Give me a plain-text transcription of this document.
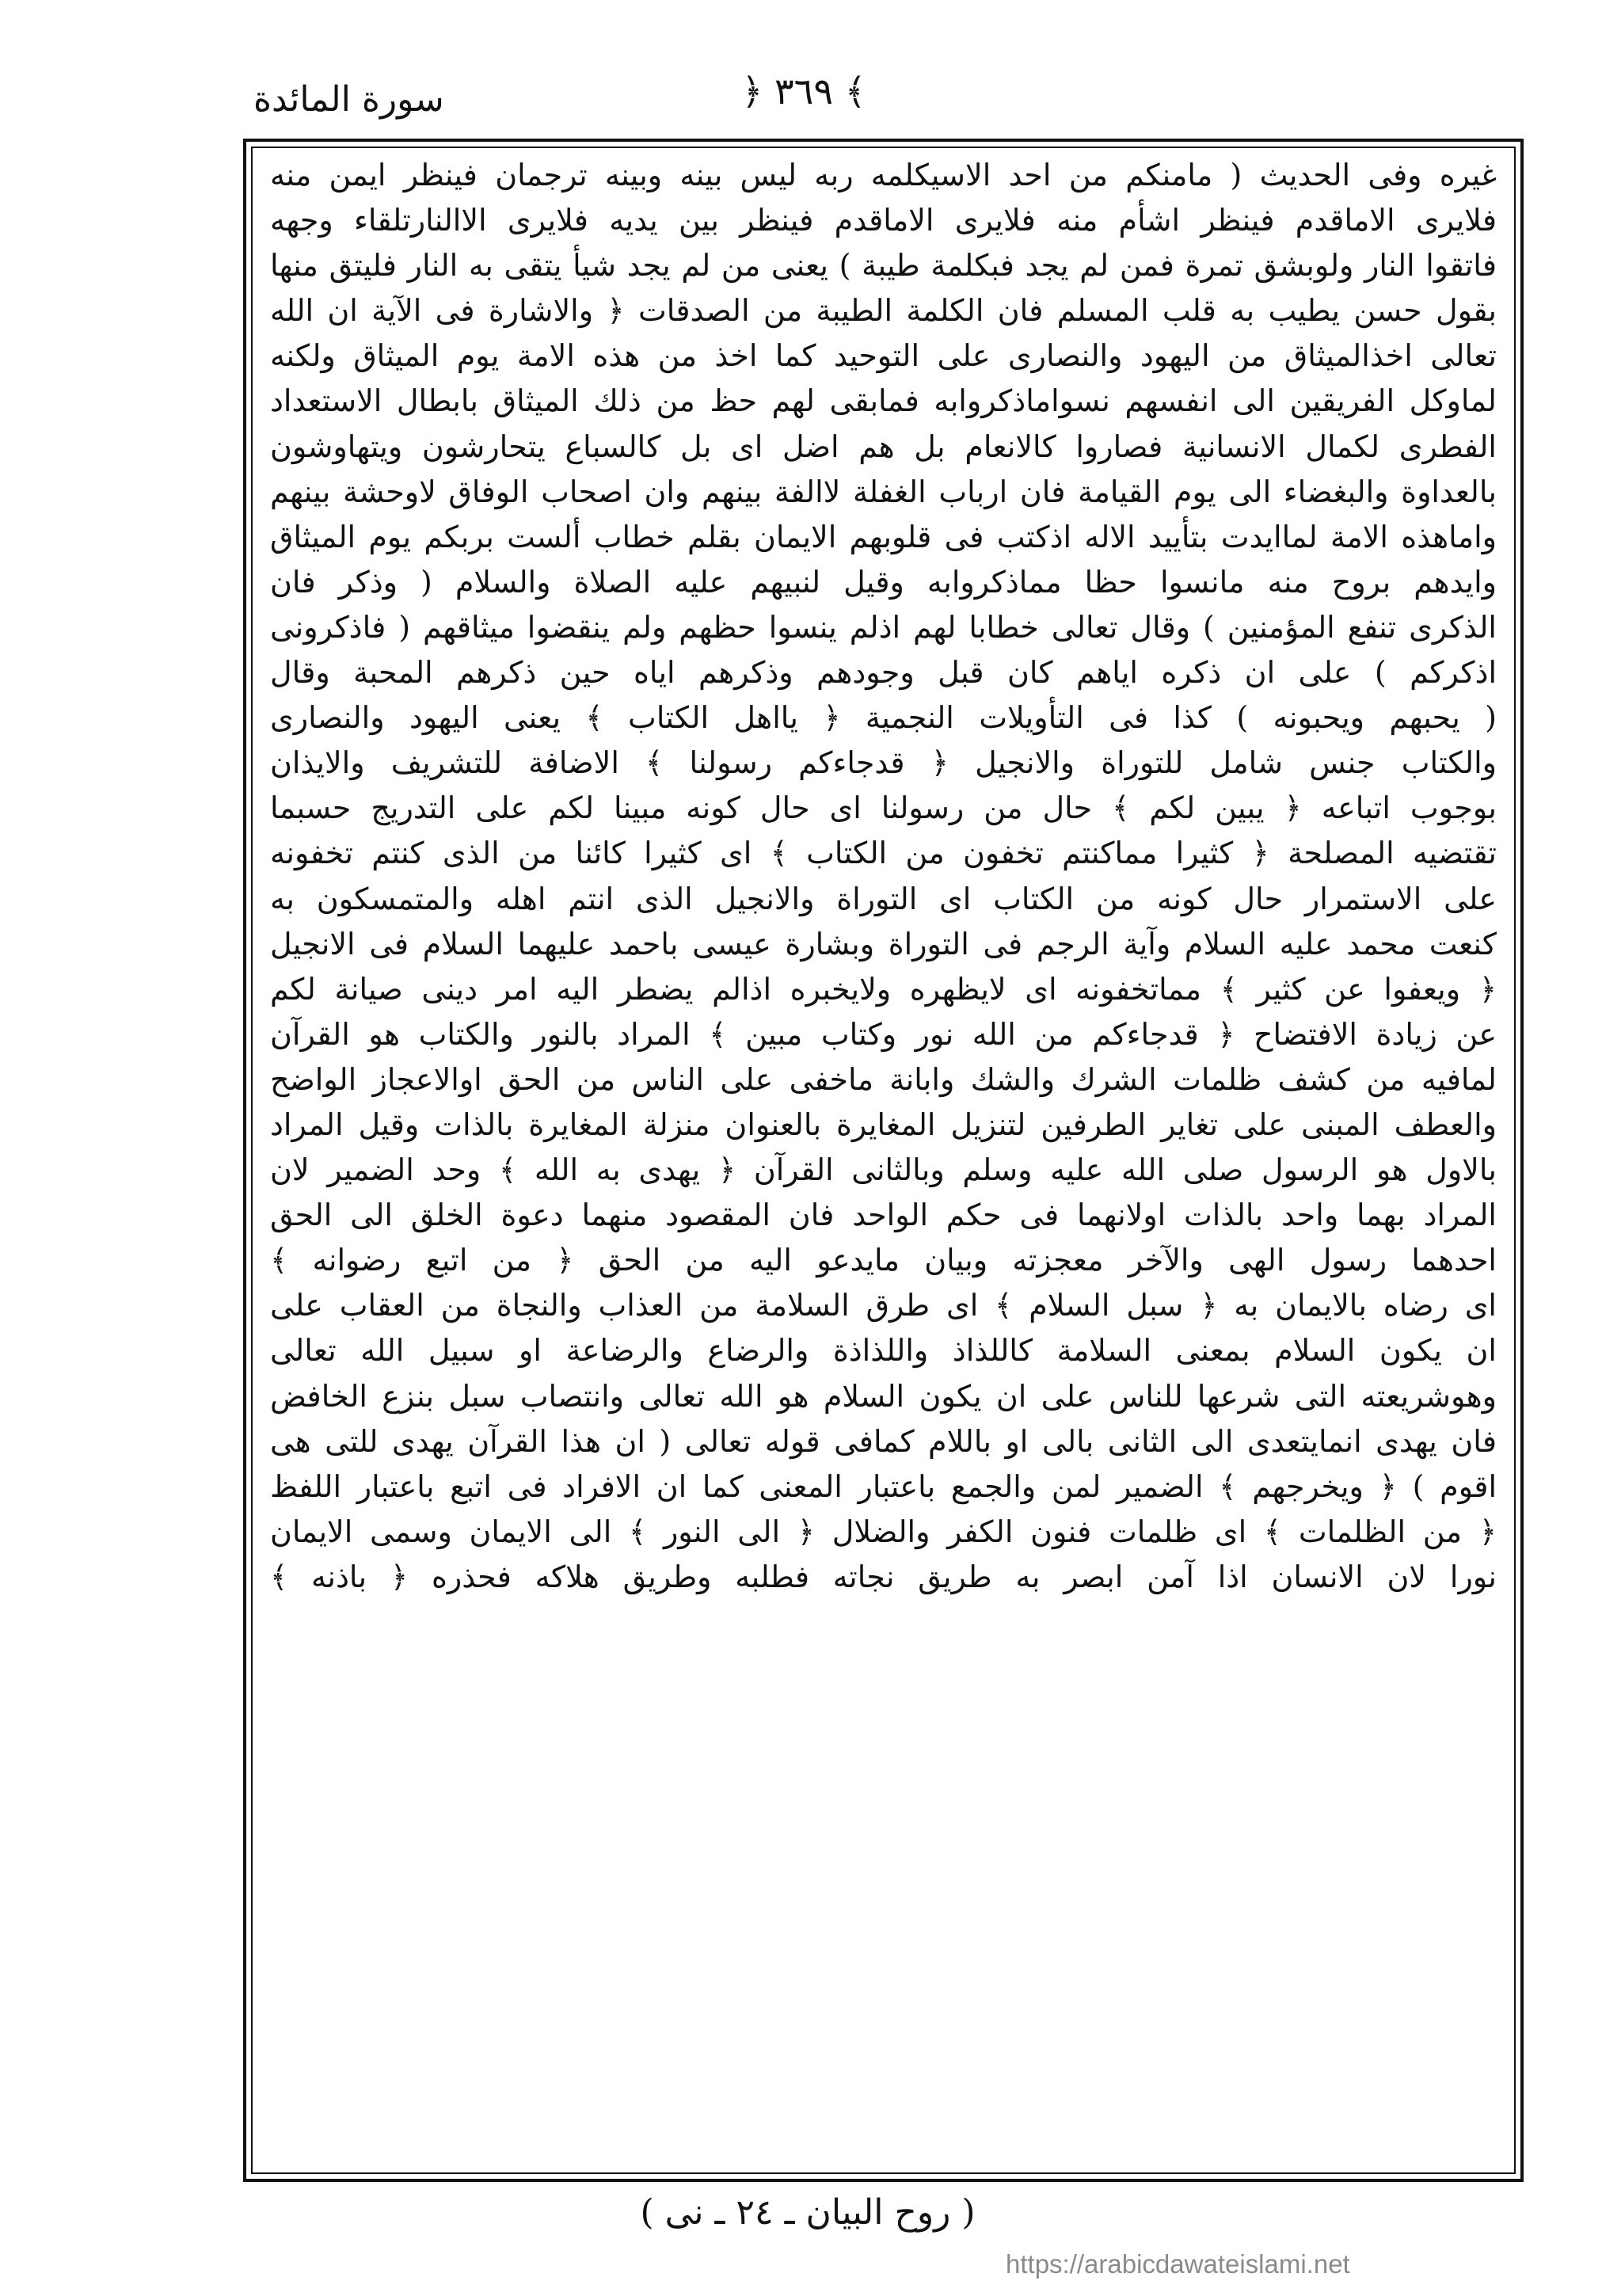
سورة المائدة	﴿ ٣٦٩ ﴾
غيره وفى الحديث ( مامنكم من احد الاسيكلمه ربه ليس بينه وبينه ترجمان فينظر ايمن منه
فلايرى الاماقدم فينظر اشأم منه فلايرى الاماقدم فينظر بين يديه فلايرى الاالنارتلقاء وجهه
فاتقوا النار ولوبشق تمرة فمن لم يجد فبكلمة طيبة ) يعنى من لم يجد شيأ يتقى به النار فليتق منها
بقول حسن يطيب به قلب المسلم فان الكلمة الطيبة من الصدقات ﴿ والاشارة فى الآية ان الله
تعالى اخذالميثاق من اليهود والنصارى على التوحيد كما اخذ من هذه الامة يوم الميثاق ولكنه
لماوكل الفريقين الى انفسهم نسواماذكروابه فمابقى لهم حظ من ذلك الميثاق بابطال الاستعداد
الفطرى لكمال الانسانية فصاروا كالانعام بل هم اضل اى بل كالسباع يتحارشون ويتهاوشون
بالعداوة والبغضاء الى يوم القيامة فان ارباب الغفلة لاالفة بينهم وان اصحاب الوفاق لاوحشة بينهم
واماهذه الامة لماايدت بتأييد الاله اذكتب فى قلوبهم الايمان بقلم خطاب ألست بربكم يوم الميثاق
وايدهم بروح منه مانسوا حظا مماذكروابه وقيل لنبيهم عليه الصلاة والسلام ( وذكر فان
الذكرى تنفع المؤمنين ) وقال تعالى خطابا لهم اذلم ينسوا حظهم ولم ينقضوا ميثاقهم ( فاذكرونى
اذكركم ) على ان ذكره اياهم كان قبل وجودهم وذكرهم اياه حين ذكرهم المحبة وقال
( يحبهم ويحبونه ) كذا فى التأويلات النجمية ﴿ يااهل الكتاب ﴾ يعنى اليهود والنصارى
والكتاب جنس شامل للتوراة والانجيل ﴿ قدجاءكم رسولنا ﴾ الاضافة للتشريف والايذان
بوجوب اتباعه ﴿ يبين لكم ﴾ حال من رسولنا اى حال كونه مبينا لكم على التدريج حسبما
تقتضيه المصلحة ﴿ كثيرا مماكنتم تخفون من الكتاب ﴾ اى كثيرا كائنا من الذى كنتم تخفونه
على الاستمرار حال كونه من الكتاب اى التوراة والانجيل الذى انتم اهله والمتمسكون به
كنعت محمد عليه السلام وآية الرجم فى التوراة وبشارة عيسى باحمد عليهما السلام فى الانجيل
﴿ ويعفوا عن كثير ﴾ مماتخفونه اى لايظهره ولايخبره اذالم يضطر اليه امر دينى صيانة لكم
عن زيادة الافتضاح ﴿ قدجاءكم من الله نور وكتاب مبين ﴾ المراد بالنور والكتاب هو القرآن
لمافيه من كشف ظلمات الشرك والشك وابانة ماخفى على الناس من الحق اوالاعجاز الواضح
والعطف المبنى على تغاير الطرفين لتنزيل المغايرة بالعنوان منزلة المغايرة بالذات وقيل المراد
بالاول هو الرسول صلى الله عليه وسلم وبالثانى القرآن ﴿ يهدى به الله ﴾ وحد الضمير لان
المراد بهما واحد بالذات اولانهما فى حكم الواحد فان المقصود منهما دعوة الخلق الى الحق
احدهما رسول الهى والآخر معجزته وبيان مايدعو اليه من الحق ﴿ من اتبع رضوانه ﴾
اى رضاه بالايمان به ﴿ سبل السلام ﴾ اى طرق السلامة من العذاب والنجاة من العقاب على
ان يكون السلام بمعنى السلامة كاللذاذ واللذاذة والرضاع والرضاعة او سبيل الله تعالى
وهوشريعته التى شرعها للناس على ان يكون السلام هو الله تعالى وانتصاب سبل بنزع الخافض
فان يهدى انمايتعدى الى الثانى بالى او باللام كمافى قوله تعالى ( ان هذا القرآن يهدى للتى هى
اقوم ) ﴿ ويخرجهم ﴾ الضمير لمن والجمع باعتبار المعنى كما ان الافراد فى اتبع باعتبار اللفظ
﴿ من الظلمات ﴾ اى ظلمات فنون الكفر والضلال ﴿ الى النور ﴾ الى الايمان وسمى الايمان
نورا لان الانسان اذا آمن ابصر به طريق نجاته فطلبه وطريق هلاكه فحذره ﴿ باذنه ﴾
( روح البيان ـ ٢٤ ـ نى )
https://arabicdawateislami.net
